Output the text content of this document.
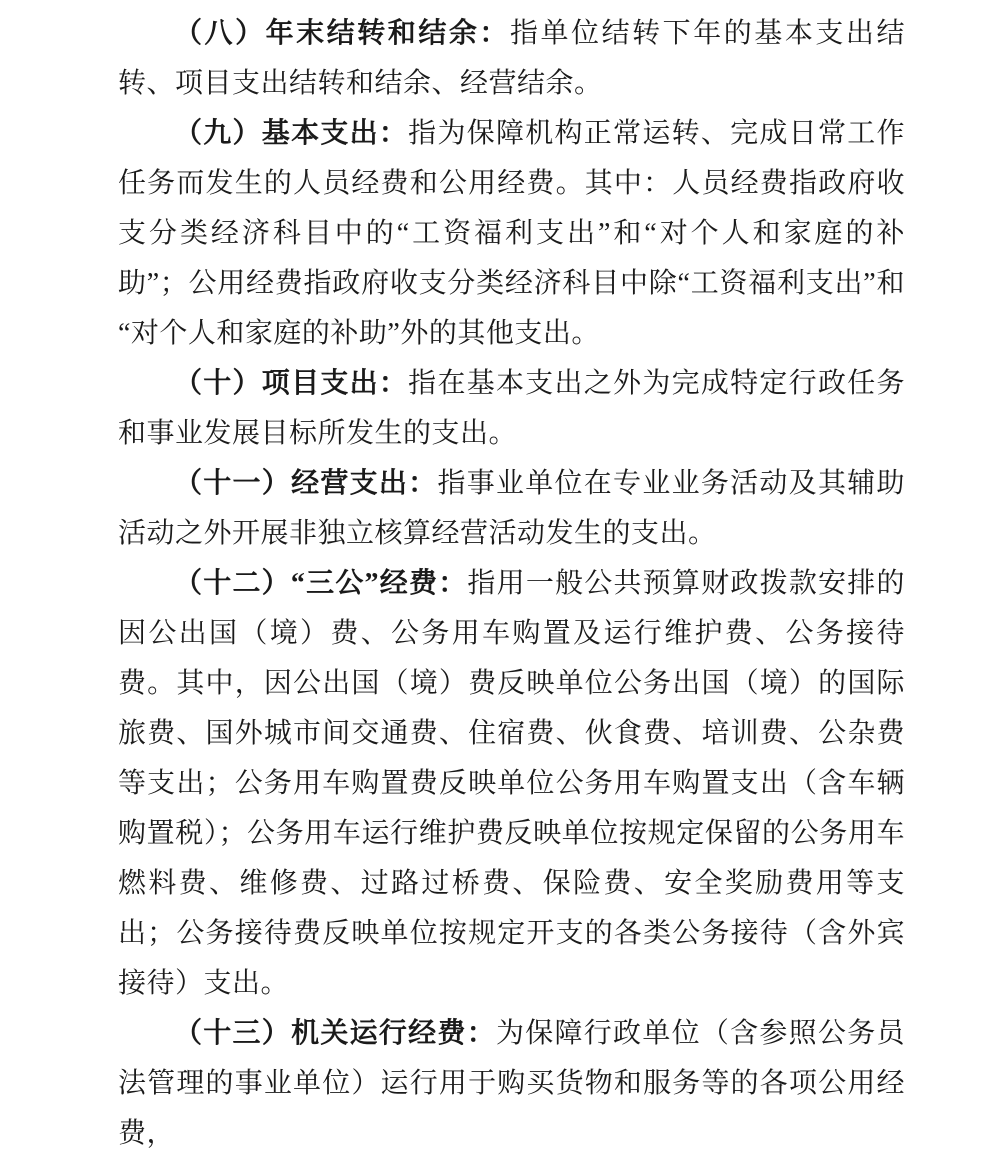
（八）年末结转和结余：指单位结转下年的基本支出结转、项目支出结转和结余、经营结余。

（九）基本支出：指为保障机构正常运转、完成日常工作任务而发生的人员经费和公用经费。其中：人员经费指政府收支分类经济科目中的“工资福利支出”和“对个人和家庭的补助”；公用经费指政府收支分类经济科目中除“工资福利支出”和“对个人和家庭的补助”外的其他支出。

（十）项目支出：指在基本支出之外为完成特定行政任务和事业发展目标所发生的支出。

（十一）经营支出：指事业单位在专业业务活动及其辅助活动之外开展非独立核算经营活动发生的支出。

（十二）“三公”经费：指用一般公共预算财政拨款安排的因公出国（境）费、公务用车购置及运行维护费、公务接待费。其中，因公出国（境）费反映单位公务出国（境）的国际旅费、国外城市间交通费、住宿费、伙食费、培训费、公杂费等支出；公务用车购置费反映单位公务用车购置支出（含车辆购置税）；公务用车运行维护费反映单位按规定保留的公务用车燃料费、维修费、过路过桥费、保险费、安全奖励费用等支出；公务接待费反映单位按规定开支的各类公务接待（含外宾接待）支出。

（十三）机关运行经费：为保障行政单位（含参照公务员法管理的事业单位）运行用于购买货物和服务等的各项公用经费，
